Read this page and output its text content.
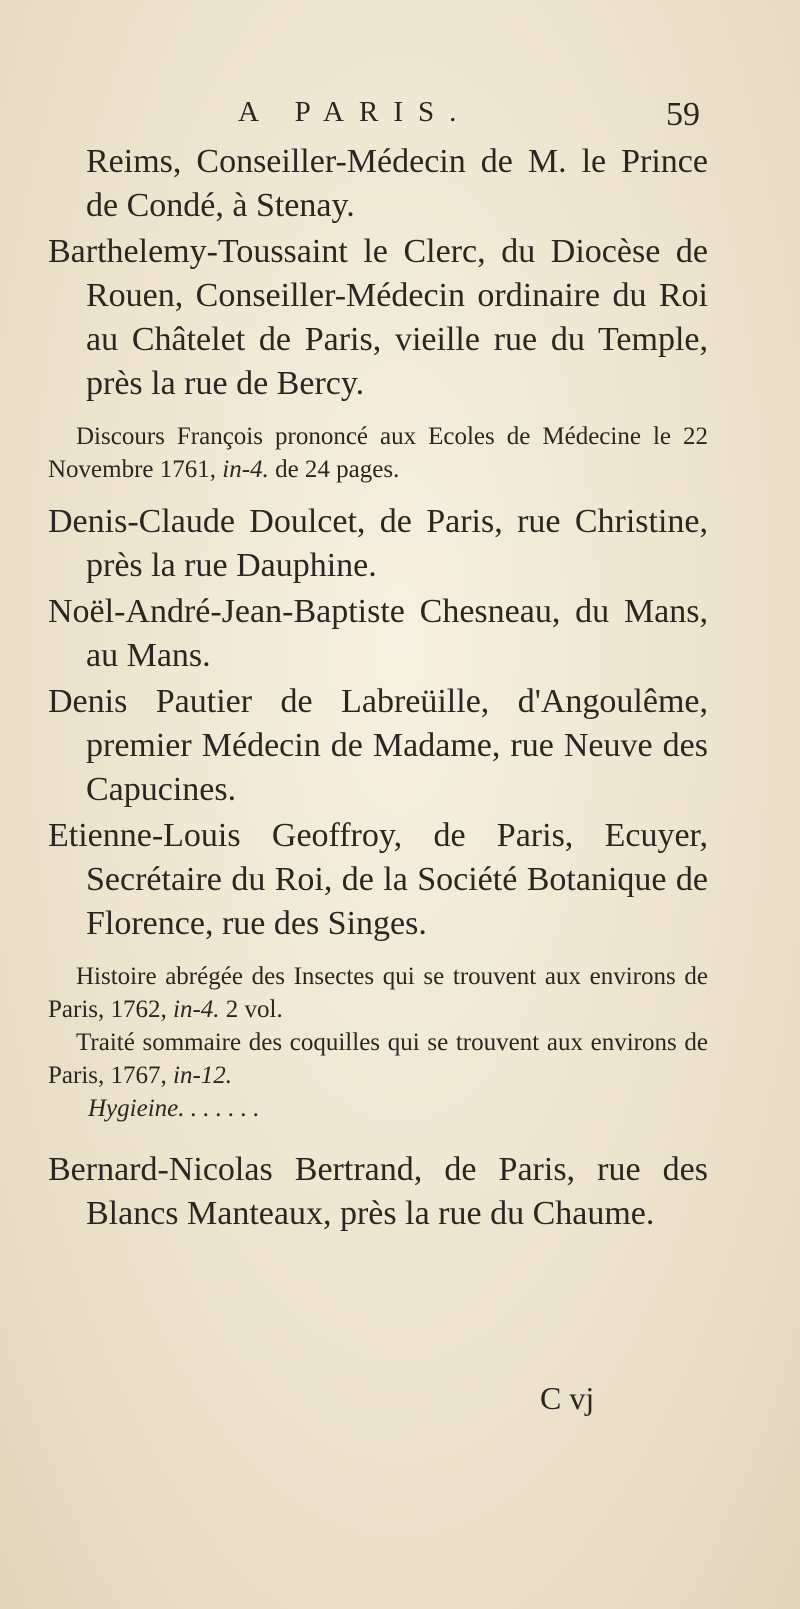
A PARIS.	59

Reims, Conseiller-Médecin de M. le Prince de Condé, à Stenay.

Barthelemy-Toussaint le Clerc, du Diocèse de Rouen, Conseiller-Médecin ordinaire du Roi au Châtelet de Paris, vieille rue du Temple, près la rue de Bercy.

Discours François prononcé aux Ecoles de Médecine le 22 Novembre 1761, in-4. de 24 pages.

Denis-Claude Doulcet, de Paris, rue Christine, près la rue Dauphine.

Noël-André-Jean-Baptiste Chesneau, du Mans, au Mans.

Denis Pautier de Labreüille, d'Angoulême, premier Médecin de Madame, rue Neuve des Capucines.

Etienne-Louis Geoffroy, de Paris, Ecuyer, Secrétaire du Roi, de la Société Botanique de Florence, rue des Singes.

Histoire abrégée des Insectes qui se trouvent aux environs de Paris, 1762, in-4. 2 vol.

Traité sommaire des coquilles qui se trouvent aux environs de Paris, 1767, in-12.

Hygieine. . . . . . .

Bernard-Nicolas Bertrand, de Paris, rue des Blancs Manteaux, près la rue du Chaume.

C vj
